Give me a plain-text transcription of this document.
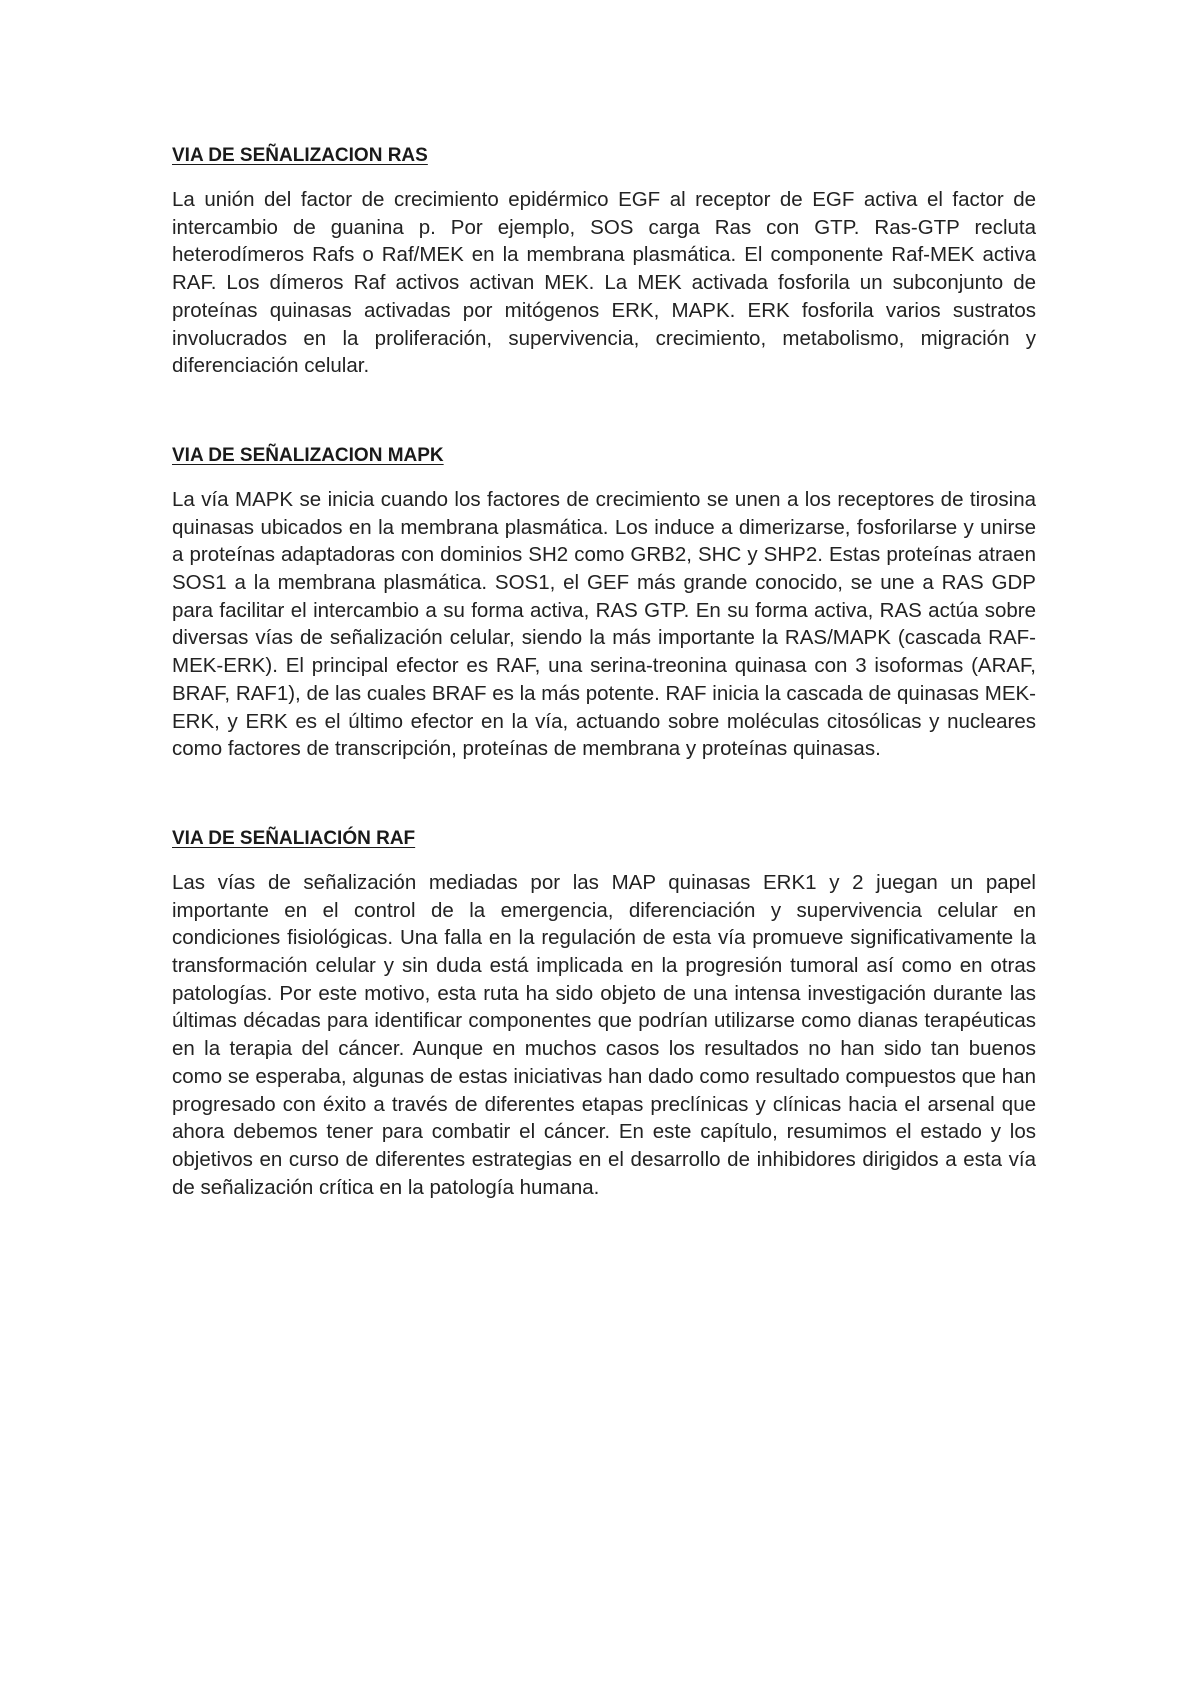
VIA DE SEÑALIZACION RAS

La unión del factor de crecimiento epidérmico EGF al receptor de EGF activa el factor de intercambio de guanina p. Por ejemplo, SOS carga Ras con GTP. Ras-GTP recluta heterodímeros Rafs o Raf/MEK en la membrana plasmática. El componente Raf-MEK activa RAF. Los dímeros Raf activos activan MEK. La MEK activada fosforila un subconjunto de proteínas quinasas activadas por mitógenos ERK, MAPK. ERK fosforila varios sustratos involucrados en la proliferación, supervivencia, crecimiento, metabolismo, migración y diferenciación celular.

VIA DE SEÑALIZACION MAPK

La vía MAPK se inicia cuando los factores de crecimiento se unen a los receptores de tirosina quinasas ubicados en la membrana plasmática. Los induce a dimerizarse, fosforilarse y unirse a proteínas adaptadoras con dominios SH2 como GRB2, SHC y SHP2. Estas proteínas atraen SOS1 a la membrana plasmática. SOS1, el GEF más grande conocido, se une a RAS GDP para facilitar el intercambio a su forma activa, RAS GTP. En su forma activa, RAS actúa sobre diversas vías de señalización celular, siendo la más importante la RAS/MAPK (cascada RAF-MEK-ERK). El principal efector es RAF, una serina-treonina quinasa con 3 isoformas (ARAF, BRAF, RAF1), de las cuales BRAF es la más potente. RAF inicia la cascada de quinasas MEK-ERK, y ERK es el último efector en la vía, actuando sobre moléculas citosólicas y nucleares como factores de transcripción, proteínas de membrana y proteínas quinasas.

VIA DE SEÑALIACIÓN RAF

Las vías de señalización mediadas por las MAP quinasas ERK1 y 2 juegan un papel importante en el control de la emergencia, diferenciación y supervivencia celular en condiciones fisiológicas. Una falla en la regulación de esta vía promueve significativamente la transformación celular y sin duda está implicada en la progresión tumoral así como en otras patologías. Por este motivo, esta ruta ha sido objeto de una intensa investigación durante las últimas décadas para identificar componentes que podrían utilizarse como dianas terapéuticas en la terapia del cáncer. Aunque en muchos casos los resultados no han sido tan buenos como se esperaba, algunas de estas iniciativas han dado como resultado compuestos que han progresado con éxito a través de diferentes etapas preclínicas y clínicas hacia el arsenal que ahora debemos tener para combatir el cáncer. En este capítulo, resumimos el estado y los objetivos en curso de diferentes estrategias en el desarrollo de inhibidores dirigidos a esta vía de señalización crítica en la patología humana.
